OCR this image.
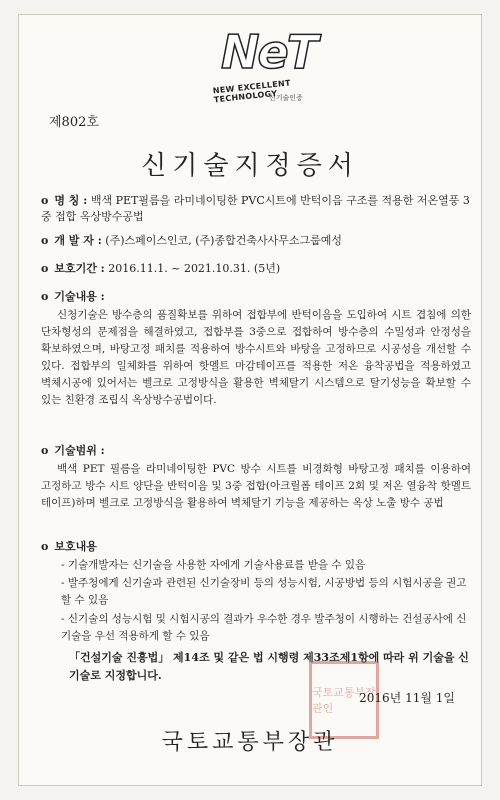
NeT
신기술인증
NEW EXCELLENT TECHNOLOGY
제802호
신기술지정증서
o 명 칭 : 백색 PET필름을 라미네이팅한 PVC시트에 반턱이음 구조를 적용한 저온열풍 3중 접합 옥상방수공법
o 개 발 자 : (주)스페이스인코, (주)종합건축사사무소그룹예성
o 보호기간 : 2016.11.1. ~ 2021.10.31. (5년)
o 기술내용 :
신청기술은 방수층의 품질확보를 위하여 접합부에 반턱이음을 도입하여 시트 겹침에 의한 단차형성의 문제점을 해결하였고, 접합부를 3중으로 접합하여 방수층의 수밀성과 안정성을 확보하였으며, 바탕고정 패치를 적용하여 방수시트와 바탕을 고정하므로 시공성을 개선할 수 있다. 접합부의 일체화를 위하여 핫멜트 마감테이프를 적용한 저온 융착공법을 적용하였고 벽체시공에 있어서는 벨크로 고정방식을 활용한 벽체탈기 시스템으로 탈기성능을 확보할 수 있는 친환경 조립식 옥상방수공법이다.
o 기술범위 :
백색 PET 필름을 라미네이팅한 PVC 방수 시트를 비경화형 바탕고정 패치를 이용하여 고정하고 방수 시트 양단을 반턱이음 및 3중 접합(아크릴폼 테이프 2회 및 저온 열융착 핫멜트 테이프)하며 벨크로 고정방식을 활용하여 벽체탈기 기능을 제공하는 옥상 노출 방수 공법
o 보호내용
- 기술개발자는 신기술을 사용한 자에게 기술사용료를 받을 수 있음
- 발주청에게 신기술과 관련된 신기술장비 등의 성능시험, 시공방법 등의 시험시공을 권고할 수 있음
- 신기술의 성능시험 및 시험시공의 결과가 우수한 경우 발주청이 시행하는 건설공사에 신기술을 우선 적용하게 할 수 있음
「건설기술 진흥법」 제14조 및 같은 법 시행령 제33조제1항에 따라 위 기술을 신기술로 지정합니다.
국토교통부장관인
2016년 11월 1일
국토교통부장관
